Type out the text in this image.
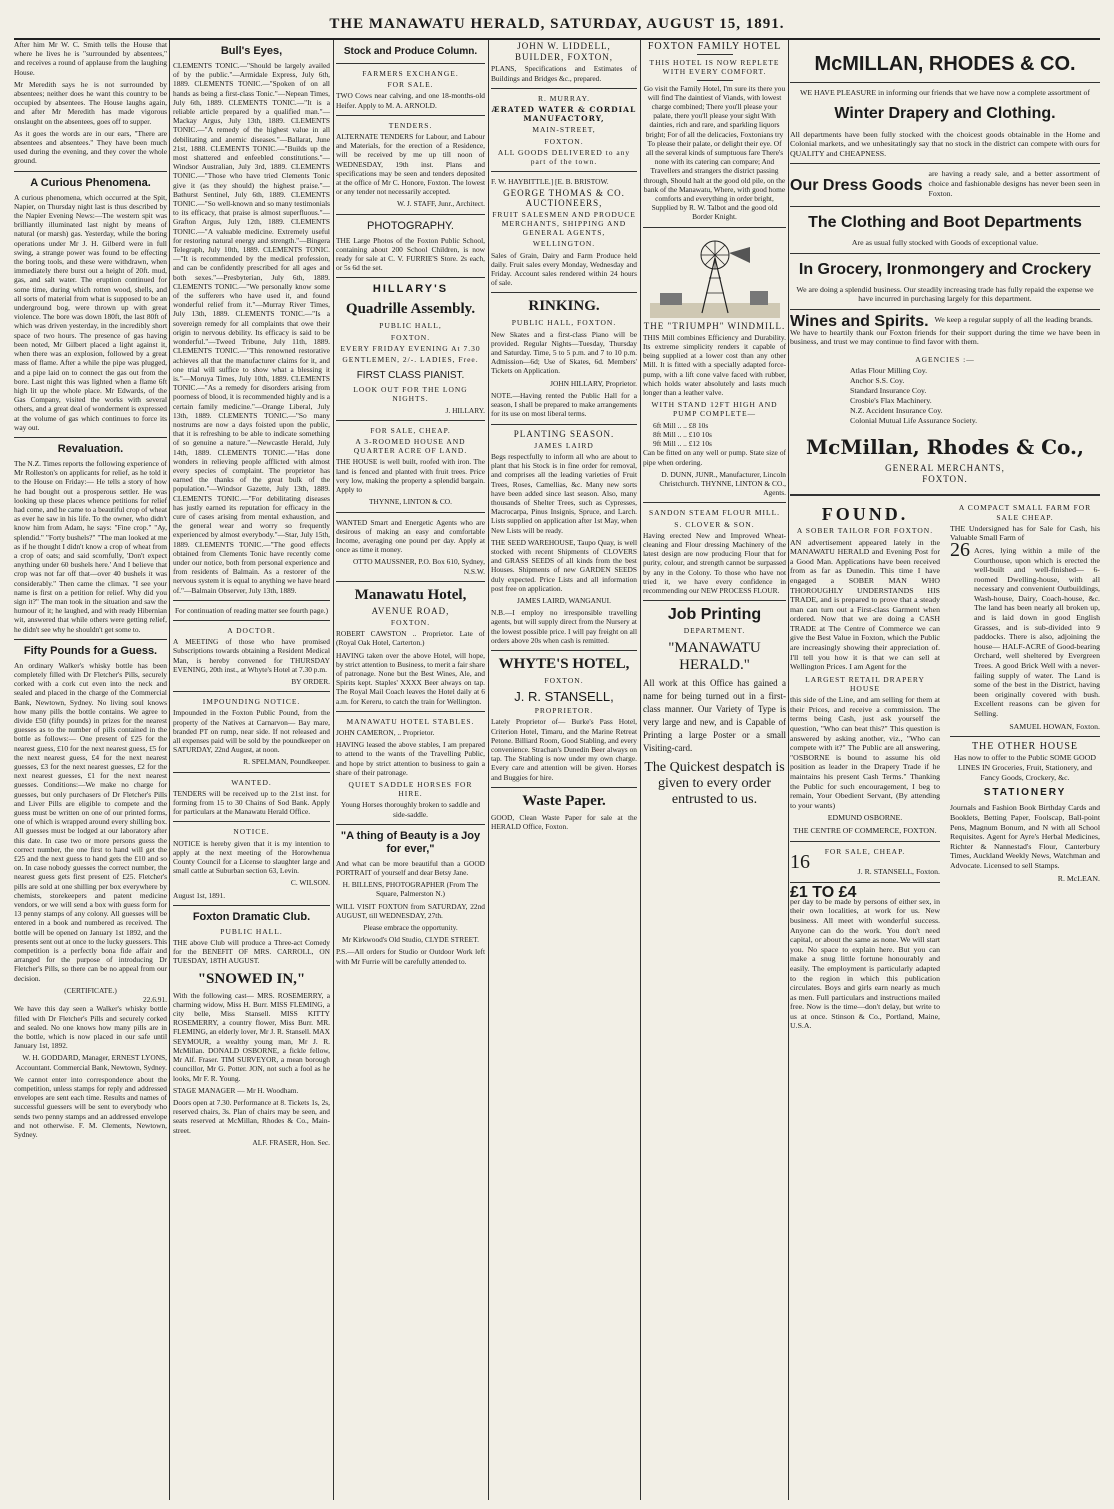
THE MANAWATU HERALD, SATURDAY, AUGUST 15, 1891.

After him Mr W. C. Smith tells the House that where he lives he is "surrounded by absentees," and receives a round of applause from the laughing House.

Mr Meredith says he is not surrounded by absentees; neither does he want this country to be occupied by absentees. The House laughs again, and after Mr Meredith has made vigorous onslaught on the absentees, goes off to supper.

As it goes the words are in our ears, "There are absentees and absentees." They have been much used during the evening, and they cover the whole ground.

A Curious Phenomena.

A curious phenomena, which occurred at the Spit, Napier, on Thursday night last is thus described by the Napier Evening News:—The western spit was brilliantly illuminated last night by means of natural (or marsh) gas. Yesterday, while the boring operations under Mr J. H. Gilberd were in full swing, a strange power was found to be effecting the boring tools, and these were withdrawn, when immediately there burst out a height of 20ft. mud, gas, and salt water. The eruption continued for some time, during which rotten wood, shells, and all sorts of material from what is supposed to be an underground bog, were thrown up with great violence. The bore was down 180ft, the last 80ft of which was driven yesterday, in the incredibly short space of two hours. The presence of gas having been noted, Mr Gilbert placed a light against it, when there was an explosion, followed by a great mass of flame. After a while the pipe was plugged, and a pipe laid on to connect the gas out from the bore. Last night this was lighted when a flame 6ft high lit up the whole place. Mr Edwards, of the Gas Company, visited the works with several others, and a great deal of wonderment is expressed at the volume of gas which continues to force its way out.

Revaluation.

The N.Z. Times reports the following experience of Mr Rolleston's on applicants for relief, as he told it to the House on Friday:— He tells a story of how he had bought out a prosperous settler. He was looking up these places whence petitions for relief had come, and he came to a beautiful crop of wheat as ever he saw in his life. To the owner, who didn't know him from Adam, he says: "Fine crop." "Ay, splendid." "Forty bushels?" "The man looked at me as if he thought I didn't know a crop of wheat from a crop of oats; and said scornfully, 'Don't expect anything under 60 bushels here.' And I believe that crop was not far off that—over 40 bushels it was considerably." Then came the climax. "I see your name is first on a petition for relief. Why did you sign it?" The man took in the situation and saw the humour of it; he laughed, and with ready Hibernian wit, answered that while others were getting relief, he didn't see why he shouldn't get some to.

Fifty Pounds for a Guess.

An ordinary Walker's whisky bottle has been completely filled with Dr Fletcher's Pills, securely corked with a cork cut even into the neck and sealed and placed in the charge of the Commercial Bank, Newtown, Sydney. No living soul knows how many pills the bottle contains. We agree to divide £50 (fifty pounds) in prizes for the nearest guesses as to the number of pills contained in the bottle as follows:— One present of £25 for the nearest guess, £10 for the next nearest guess, £5 for the next nearest guess, £4 for the next nearest guesses, £3 for the next nearest guesses, £2 for the next nearest guesses, £1 for the next nearest guesses. Conditions:—We make no charge for guesses, but only purchasers of Dr Fletcher's Pills and Liver Pills are eligible to compete and the guess must be written on one of our printed forms, one of which is wrapped around every shilling box. All guesses must be lodged at our laboratory after this date. In case two or more persons guess the correct number, the one first to hand will get the £25 and the next guess to hand gets the £10 and so on. In case nobody guesses the correct number, the nearest guess gets first present of £25. Fletcher's pills are sold at one shilling per box everywhere by chemists, storekeepers and patent medicine vendors, or we will send a box with guess form for 13 penny stamps of any colony. All guesses will be entered in a book and numbered as received. The bottle will be opened on January 1st 1892, and the presents sent out at once to the lucky guessers. This competition is a perfectly bona fide affair and arranged for the purpose of introducing Dr Fletcher's Pills, so there can be no appeal from our decision.

(CERTIFICATE.)
22.6.91.

We have this day seen a Walker's whisky bottle filled with Dr Fletcher's Pills and securely corked and sealed. No one knows how many pills are in the bottle, which is now placed in our safe until January 1st, 1892.

W. H. GODDARD, Manager, ERNEST LYONS, Accountant. Commercial Bank, Newtown, Sydney.

We cannot enter into correspondence about the competition, unless stamps for reply and addressed envelopes are sent each time. Results and names of successful guessers will be sent to everybody who sends two penny stamps and an addressed envelope and not otherwise. F. M. Clements, Newtown, Sydney.

Bull's Eyes,

CLEMENTS TONIC.—"Should be largely availed of by the public."—Armidale Express, July 6th, 1889. CLEMENTS TONIC.—"Spoken of on all hands as being a first-class Tonic."—Nepean Times, July 6th, 1889. CLEMENTS TONIC.—"It is a reliable article prepared by a qualified man."—Mackay Argus, July 13th, 1889. CLEMENTS TONIC.—"A remedy of the highest value in all debilitating and anemic diseases."—Ballarat, June 21st, 1888. CLEMENTS TONIC.—"Builds up the most shattered and enfeebled constitutions."—Windsor Australian, July 3rd, 1889. CLEMENTS TONIC.—"Those who have tried Clements Tonic give it (as they should) the highest praise."—Bathurst Sentinel, July 6th, 1889. CLEMENTS TONIC.—"So well-known and so many testimonials to its efficacy, that praise is almost superfluous."—Grafton Argus, July 12th, 1889. CLEMENTS TONIC.—"A valuable medicine. Extremely useful for restoring natural energy and strength."—Bingera Telegraph, July 10th, 1889. CLEMENTS TONIC.—"It is recommended by the medical profession, and can be confidently prescribed for all ages and both sexes."—Presbyterian, July 6th, 1889. CLEMENTS TONIC.—"We personally know some of the sufferers who have used it, and found wonderful relief from it."—Murray River Times, July 13th, 1889. CLEMENTS TONIC.—"Is a sovereign remedy for all complaints that owe their origin to nervous debility. Its efficacy is said to be wonderful."—Tweed Tribune, July 11th, 1889. CLEMENTS TONIC.—"This renowned restorative achieves all that the manufacturer claims for it, and one trial will suffice to show what a blessing it is."—Moruya Times, July 10th, 1889. CLEMENTS TONIC.—"As a remedy for disorders arising from poorness of blood, it is recommended highly and is a certain family medicine."—Orange Liberal, July 13th, 1889. CLEMENTS TONIC.—"So many nostrums are now a days foisted upon the public, that it is refreshing to be able to indicate something of so genuine a nature."—Newcastle Herald, July 14th, 1889. CLEMENTS TONIC.—"Has done wonders in relieving people afflicted with almost every species of complaint. The proprietor has earned the thanks of the great bulk of the population."—Windsor Gazette, July 13th, 1889. CLEMENTS TONIC.—"For debilitating diseases has justly earned its reputation for efficacy in the cure of cases arising from mental exhaustion, and the general wear and worry so frequently experienced by almost everybody."—Star, July 15th, 1889. CLEMENTS TONIC.—"The good effects obtained from Clements Tonic have recently come under our notice, both from personal experience and from residents of Balmain. As a restorer of the nervous system it is equal to anything we have heard of."—Balmain Observer, July 13th, 1889.

For continuation of reading matter see fourth page.)

A DOCTOR.

A MEETING of those who have promised Subscriptions towards obtaining a Resident Medical Man, is hereby convened for THURSDAY EVENING, 20th inst., at Whyte's Hotel at 7.30 p.m.

BY ORDER.

IMPOUNDING NOTICE.

Impounded in the Foxton Public Pound, from the property of the Natives at Carnarvon— Bay mare, branded PT on rump, near side. If not released and all expenses paid will be sold by the poundkeeper on SATURDAY, 22nd August, at noon.

R. SPELMAN, Poundkeeper.

WANTED.

TENDERS will be received up to the 21st inst. for forming from 15 to 30 Chains of Sod Bank. Apply for particulars at the Manawatu Herald Office.

NOTICE.

NOTICE is hereby given that it is my intention to apply at the next meeting of the Horowhenua County Council for a License to slaughter large and small cattle at Suburban section 63, Levin.

C. WILSON.

August 1st, 1891.

Foxton Dramatic Club.
PUBLIC HALL.

THE above Club will produce a Three-act Comedy for the BENEFIT OF MRS. CARROLL, ON TUESDAY, 18TH AUGUST.

"SNOWED IN,"

With the following cast— MRS. ROSEMERRY, a charming widow, Miss H. Burr. MISS FLEMING, a city belle, Miss Stansell. MISS KITTY ROSEMERRY, a country flower, Miss Burr. MR. FLEMING, an elderly lover, Mr J. R. Stansell. MAX SEYMOUR, a wealthy young man, Mr J. R. McMillan. DONALD OSBORNE, a fickle fellow, Mr Alf. Fraser. TIM SURVEYOR, a mean borough councillor, Mr G. Potter. JON, not such a fool as he looks, Mr F. R. Young.

STAGE MANAGER — Mr H. Woodham.

Doors open at 7.30. Performance at 8. Tickets 1s, 2s, reserved chairs, 3s. Plan of chairs may be seen, and seats reserved at McMillan, Rhodes & Co., Main-street.

ALF. FRASER, Hon. Sec.

Stock and Produce Column.
FARMERS EXCHANGE.
FOR SALE.

TWO Cows near calving, and one 18-months-old Heifer. Apply to M. A. ARNOLD.

TENDERS.

ALTERNATE TENDERS for Labour, and Labour and Materials, for the erection of a Residence, will be received by me up till noon of WEDNESDAY, 19th inst. Plans and specifications may be seen and tenders deposited at the office of Mr C. Honore, Foxton. The lowest or any tender not necessarily accepted.

W. J. STAFF, Junr., Architect.

PHOTOGRAPHY.

THE Large Photos of the Foxton Public School, containing about 200 School Children, is now ready for sale at C. V. FURRIE'S Store. 2s each, or 5s 6d the set.

HILLARY'S
Quadrille Assembly.
PUBLIC HALL,
FOXTON.
EVERY FRIDAY EVENING At 7.30
GENTLEMEN, 2/-. LADIES, Free.
FIRST CLASS PIANIST.
LOOK OUT FOR THE LONG NIGHTS.

J. HILLARY.

FOR SALE, CHEAP.
A 3-ROOMED HOUSE AND QUARTER ACRE OF LAND.

THE HOUSE is well built, roofed with iron. The land is fenced and planted with fruit trees. Price very low, making the property a splendid bargain. Apply to

THYNNE, LINTON & CO.

WANTED Smart and Energetic Agents who are desirous of making an easy and comfortable Income, averaging one pound per day. Apply at once as time it money.

OTTO MAUSSNER, P.O. Box 610, Sydney, N.S.W.

Manawatu Hotel,
AVENUE ROAD,
FOXTON.

ROBERT CAWSTON .. Proprietor. Late of (Royal Oak Hotel, Carterton.)

HAVING taken over the above Hotel, will hope, by strict attention to Business, to merit a fair share of patronage. None but the Best Wines, Ale, and Spirits kept. Staples' XXXX Beer always on tap. The Royal Mail Coach leaves the Hotel daily at 6 a.m. for Kereru, to catch the train for Wellington.

MANAWATU HOTEL STABLES.

JOHN CAMERON, .. Proprietor.

HAVING leased the above stables, I am prepared to attend to the wants of the Travelling Public, and hope by strict attention to business to gain a share of their patronage.

QUIET SADDLE HORSES FOR HIRE.

Young Horses thoroughly broken to saddle and side-saddle.

"A thing of Beauty is a Joy for ever,"

And what can be more beautiful than a GOOD PORTRAIT of yourself and dear Betsy Jane.

H. BILLENS, PHOTOGRAPHER (From The Square, Palmerston N.)

WILL VISIT FOXTON from SATURDAY, 22nd AUGUST, till WEDNESDAY, 27th.

Please embrace the opportunity.

Mr Kirkwood's Old Studio, CLYDE STREET.

P.S.—All orders for Studio or Outdoor Work left with Mr Furrie will be carefully attended to.

JOHN W. LIDDELL,
BUILDER, FOXTON,

PLANS, Specifications and Estimates of Buildings and Bridges &c., prepared.

R. MURRAY.
ÆRATED WATER & CORDIAL MANUFACTORY,
MAIN-STREET,
FOXTON.
ALL GOODS DELIVERED to any part of the town.

F. W. HAYBITTLE.] [E. B. BRISTOW.

GEORGE THOMAS & CO. AUCTIONEERS,
FRUIT SALESMEN AND PRODUCE MERCHANTS, SHIPPING AND GENERAL AGENTS,
WELLINGTON.

Sales of Grain, Dairy and Farm Produce held daily. Fruit sales every Monday, Wednesday and Friday. Account sales rendered within 24 hours of sale.

RINKING.
PUBLIC HALL, FOXTON.

New Skates and a first-class Piano will be provided. Regular Nights—Tuesday, Thursday and Saturday. Time, 5 to 5 p.m. and 7 to 10 p.m. Admission—6d; Use of Skates, 6d. Members' Tickets on Application.

JOHN HILLARY, Proprietor.

NOTE.—Having rented the Public Hall for a season, I shall be prepared to make arrangements for its use on most liberal terms.

PLANTING SEASON.
JAMES LAIRD

Begs respectfully to inform all who are about to plant that his Stock is in fine order for removal, and comprises all the leading varieties of Fruit Trees, Roses, Camellias, &c. Many new sorts have been added since last season. Also, many thousands of Shelter Trees, such as Cypresses, Macrocarpa, Pinus Insignis, Spruce, and Larch. Lists supplied on application after 1st May, when New Lists will be ready.

THE SEED WAREHOUSE, Taupo Quay, is well stocked with recent Shipments of CLOVERS and GRASS SEEDS of all kinds from the best Houses. Shipments of new GARDEN SEEDS duly expected. Price Lists and all information post free on application.

JAMES LAIRD, WANGANUI.

N.B.—I employ no irresponsible travelling agents, but will supply direct from the Nursery at the lowest possible price. I will pay freight on all orders above 20s when cash is remitted.

WHYTE'S HOTEL,
FOXTON.
J. R. STANSELL,
PROPRIETOR.

Lately Proprietor of— Burke's Pass Hotel, Criterion Hotel, Timaru, and the Marine Retreat Petone. Billiard Room, Good Stabling, and every convenience. Strachan's Dunedin Beer always on tap. The Stabling is now under my own charge. Every care and attention will be given. Horses and Buggies for hire.

Waste Paper.

GOOD, Clean Waste Paper for sale at the HERALD Office, Foxton.

FOXTON FAMILY HOTEL
THIS HOTEL IS NOW REPLETE WITH EVERY COMFORT.

Go visit the Family Hotel, I'm sure its there you will find The daintiest of Viands, with lowest charge combined; There you'll please your palate, there you'll please your sight With dainties, rich and rare, and sparkling liquors bright; For of all the delicacies, Foxtonians try To please their palate, or delight their eye. Of all the several kinds of sumptuous fare There's none with its catering can compare; And Travellers and strangers the district passing through, Should halt at the good old pile, on the bank of the Manawatu, Where, with good home comforts and everything in order bright, Supplied by R. W. Talbot and the good old Border Knight.

THE "TRIUMPH" WINDMILL.

THIS Mill combines Efficiency and Durability. Its extreme simplicity renders it capable of being supplied at a lower cost than any other Mill. It is fitted with a specially adapted force-pump, with a lift cone valve faced with rubber, which holds water absolutely and lasts much longer than a leather valve.

WITH STAND 12FT HIGH AND PUMP COMPLETE—
6ft Mill .. .. £8 10s
8ft Mill .. .. £10 10s
9ft Mill .. .. £12 10s

Can be fitted on any well or pump. State size of pipe when ordering.

D. DUNN, JUNR., Manufacturer, Lincoln Christchurch. THYNNE, LINTON & CO., Agents.

SANDON STEAM FLOUR MILL.
S. CLOVER & SON.

Having erected New and Improved Wheat-cleaning and Flour dressing Machinery of the latest design are now producing Flour that for purity, colour, and strength cannot be surpassed by any in the Colony. To those who have not tried it, we have every confidence in recommending our NEW PROCESS FLOUR.

Job Printing
DEPARTMENT.
"MANAWATU HERALD."

All work at this Office has gained a name for being turned out in a first-class manner. Our Variety of Type is very large and new, and is Capable of Printing a large Poster or a small Visiting-card.

The Quickest despatch is given to every order entrusted to us.
McMILLAN, RHODES & CO.

WE HAVE PLEASURE in informing our friends that we have now a complete assortment of

Winter Drapery and Clothing.

All departments have been fully stocked with the choicest goods obtainable in the Home and Colonial markets, and we unhesitatingly say that no stock in the district can compete with ours for QUALITY and CHEAPNESS.

Our Dress Goods

are having a ready sale, and a better assortment of choice and fashionable designs has never been seen in Foxton.

The Clothing and Boot Departments

Are as usual fully stocked with Goods of exceptional value.

In Grocery, Ironmongery and Crockery

We are doing a splendid business. Our steadily increasing trade has fully repaid the expense we have incurred in purchasing largely for this department.

Wines and Spirits. We keep a regular supply of all the leading brands.

We have to heartily thank our Foxton friends for their support during the time we have been in business, and trust we may continue to find favor with them.

AGENCIES :—
Atlas Flour Milling Coy.
Anchor S.S. Coy.
Standard Insurance Coy.
Crosbie's Flax Machinery.
N.Z. Accident Insurance Coy.
Colonial Mutual Life Assurance Society.
McMillan, Rhodes & Co.,
GENERAL MERCHANTS,
FOXTON.
FOUND.
A SOBER TAILOR FOR FOXTON.

AN advertisement appeared lately in the MANAWATU HERALD and Evening Post for a Good Man. Applications have been received from as far as Dunedin. This time I have engaged a SOBER MAN WHO THOROUGHLY UNDERSTANDS HIS TRADE, and is prepared to prove that a steady man can turn out a First-class Garment when ordered. Now that we are doing a CASH TRADE at The Centre of Commerce we can give the Best Value in Foxton, which the Public are increasingly showing their appreciation of. I'll tell you how it is that we can sell at Wellington Prices. I am Agent for the

LARGEST RETAIL DRAPERY HOUSE

this side of the Line, and am selling for them at their Prices, and receive a commission. The terms being Cash, just ask yourself the question, "Who can beat this?" This question is answered by asking another, viz., "Who can compete with it?" The Public are all answering, "OSBORNE is bound to assume his old position as leader in the Drapery Trade if he maintains his present Cash Terms." Thanking the Public for such encouragement, I beg to remain, Your Obedient Servant, (By attending to your wants)

EDMUND OSBORNE.

THE CENTRE OF COMMERCE, FOXTON.

FOR SALE, CHEAP.
16	J. R. STANSELL, Foxton.

£1 TO £4

per day to be made by persons of either sex, in their own localities, at work for us. New business. All meet with wonderful success. Anyone can do the work. You don't need capital, or about the same as none. We will start you. No space to explain here. But you can make a snug little fortune honourably and easily. The employment is particularly adapted to the region in which this publication circulates. Boys and girls earn nearly as much as men. Full particulars and instructions mailed free. Now is the time—don't delay, but write to us at once. Stinson & Co., Portland, Maine, U.S.A.

A COMPACT SMALL FARM FOR SALE CHEAP.

THE Undersigned has for Sale for Cash, his Valuable Small Farm of

26 Acres, lying within a mile of the Courthouse, upon which is erected the well-built and well-finished— 6-roomed Dwelling-house, with all necessary and convenient Outbuildings, Wash-house, Dairy, Coach-house, &c. The land has been nearly all broken up, and is laid down in good English Grasses, and is sub-divided into 9 paddocks. There is also, adjoining the house— HALF-ACRE of Good-bearing Orchard, well sheltered by Evergreen Trees. A good Brick Well with a never-failing supply of water. The Land is some of the best in the District, having been originally covered with bush. Excellent reasons can be given for Selling.

SAMUEL HOWAN, Foxton.

THE OTHER HOUSE

Has now to offer to the Public SOME GOOD LINES IN Groceries, Fruit, Stationery, and Fancy Goods, Crockery, &c.

STATIONERY

Journals and Fashion Book Birthday Cards and Booklets, Betting Paper, Foolscap, Ball-point Pens, Magnum Bonum, and N with all School Requisites. Agent for Ayre's Herbal Medicines, Richter & Nannestad's Flour, Canterbury Times, Auckland Weekly News, Watchman and Advocate. Licensed to sell Stamps.

R. McLEAN.
